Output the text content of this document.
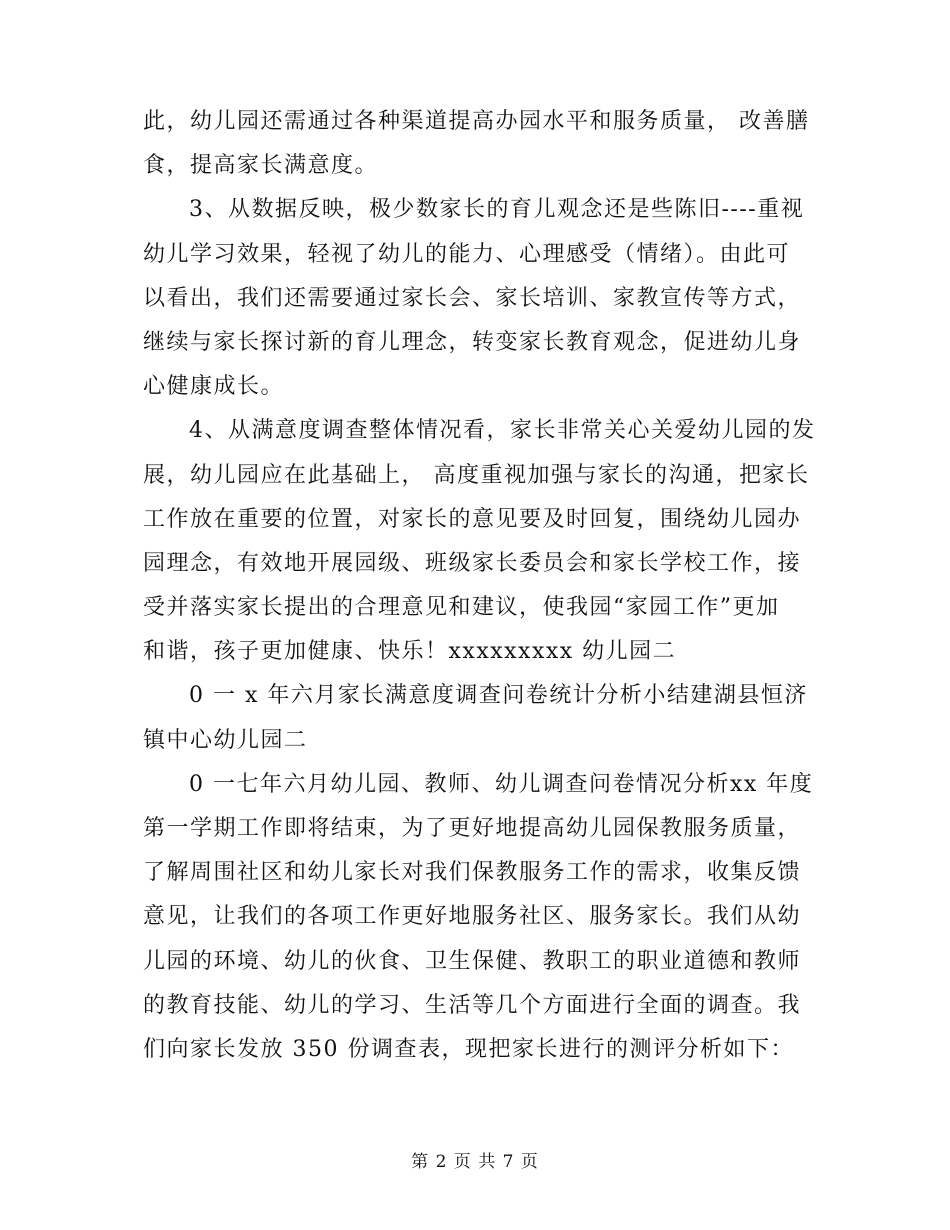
此，幼儿园还需通过各种渠道提高办园水平和服务质量， 改善膳
食，提高家长满意度。
3、从数据反映，极少数家长的育儿观念还是些陈旧----重视
幼儿学习效果，轻视了幼儿的能力、心理感受（情绪）。由此可
以看出，我们还需要通过家长会、家长培训、家教宣传等方式，
继续与家长探讨新的育儿理念，转变家长教育观念，促进幼儿身
心健康成长。
4、从满意度调查整体情况看，家长非常关心关爱幼儿园的发
展，幼儿园应在此基础上， 高度重视加强与家长的沟通，把家长
工作放在重要的位置，对家长的意见要及时回复，围绕幼儿园办
园理念，有效地开展园级、班级家长委员会和家长学校工作，接
受并落实家长提出的合理意见和建议，使我园“家园工作”更加
和谐，孩子更加健康、快乐！xxxxxxxxx 幼儿园二
0 一 x 年六月家长满意度调查问卷统计分析小结建湖县恒济
镇中心幼儿园二
0 一七年六月幼儿园、教师、幼儿调查问卷情况分析xx 年度
第一学期工作即将结束，为了更好地提高幼儿园保教服务质量，
了解周围社区和幼儿家长对我们保教服务工作的需求，收集反馈
意见，让我们的各项工作更好地服务社区、服务家长。我们从幼
儿园的环境、幼儿的伙食、卫生保健、教职工的职业道德和教师
的教育技能、幼儿的学习、生活等几个方面进行全面的调查。我
们向家长发放 350 份调查表，现把家长进行的测评分析如下：
第 2 页 共 7 页
